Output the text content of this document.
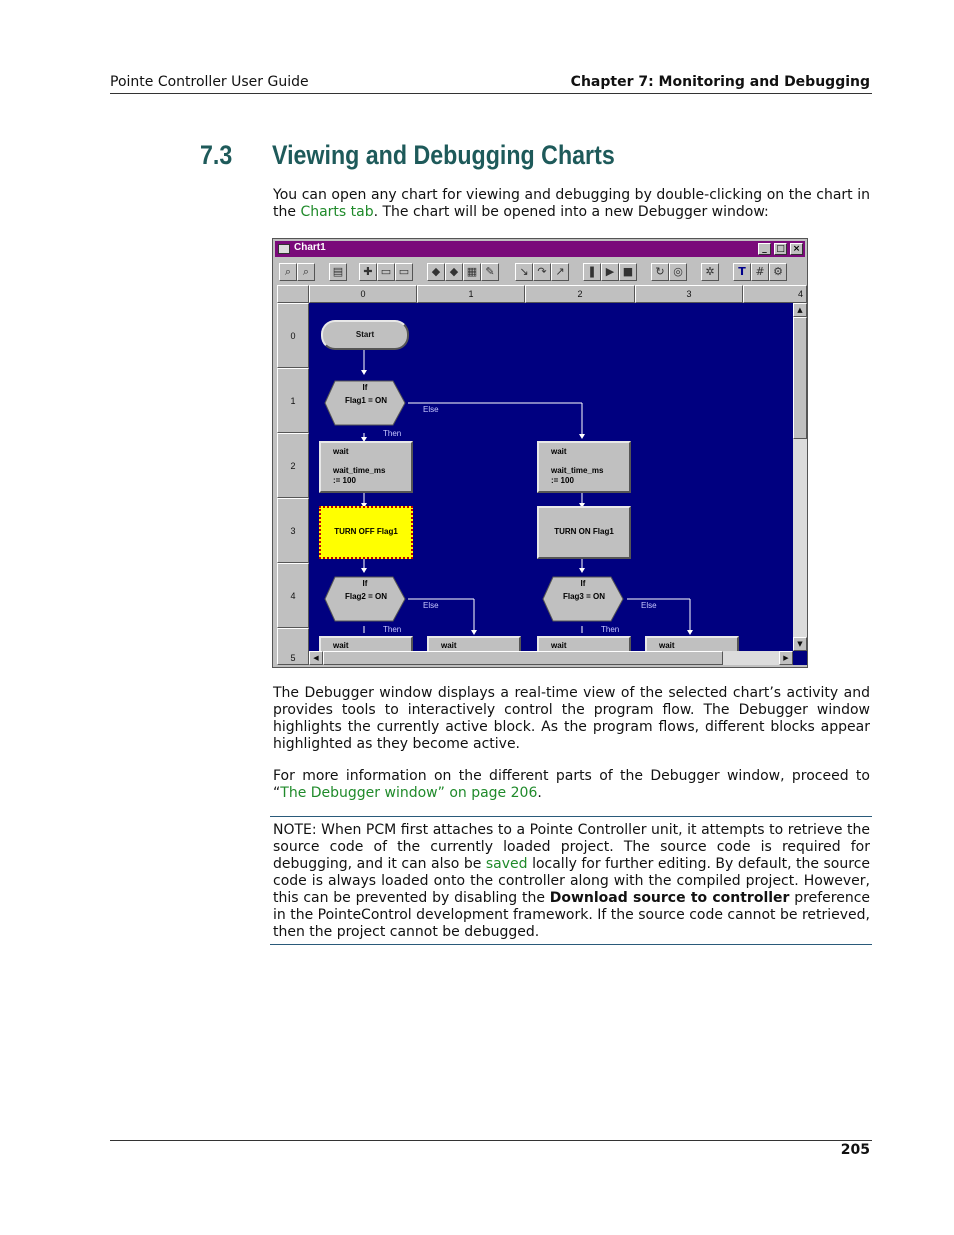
Pointe Controller User Guide	Chapter 7: Monitoring and Debugging
7.3 Viewing and Debugging Charts
You can open any chart for viewing and debugging by double-clicking on the chart in the Charts tab. The chart will be opened into a new Debugger window:
Chart1	_	□ ×
⌕	⌕	▤	✚ ▭ ▭	◆ ◆ ▦ ✎	↘ ↷ ↗	❚ ▶ ■	↻ ◎	✲	T # ⚙
0	1	2	3	4
0
1
2
3
4
5
Start
If
Flag1 = ON
Else
Then
wait
wait_time_ms
:= 100
wait
wait_time_ms
:= 100
TURN OFF Flag1	TURN ON Flag1
If
Flag2 = ON
Else
Then
If
Flag3 = ON
Else
Then
wait	wait	wait	wait
▲
▼
◀	▶
The Debugger window displays a real-time view of the selected chart’s activity and provides tools to interactively control the program flow. The Debugger window highlights the currently active block. As the program flows, different blocks appear highlighted as they become active.
For more information on the different parts of the Debugger window, proceed to “The Debugger window” on page 206.
NOTE: When PCM first attaches to a Pointe Controller unit, it attempts to retrieve the source code of the currently loaded project. The source code is required for debugging, and it can also be saved locally for further editing. By default, the source code is always loaded onto the controller along with the compiled project. However, this can be prevented by disabling the Download source to controller preference in the PointeControl development framework. If the source code cannot be retrieved, then the project cannot be debugged.
205
